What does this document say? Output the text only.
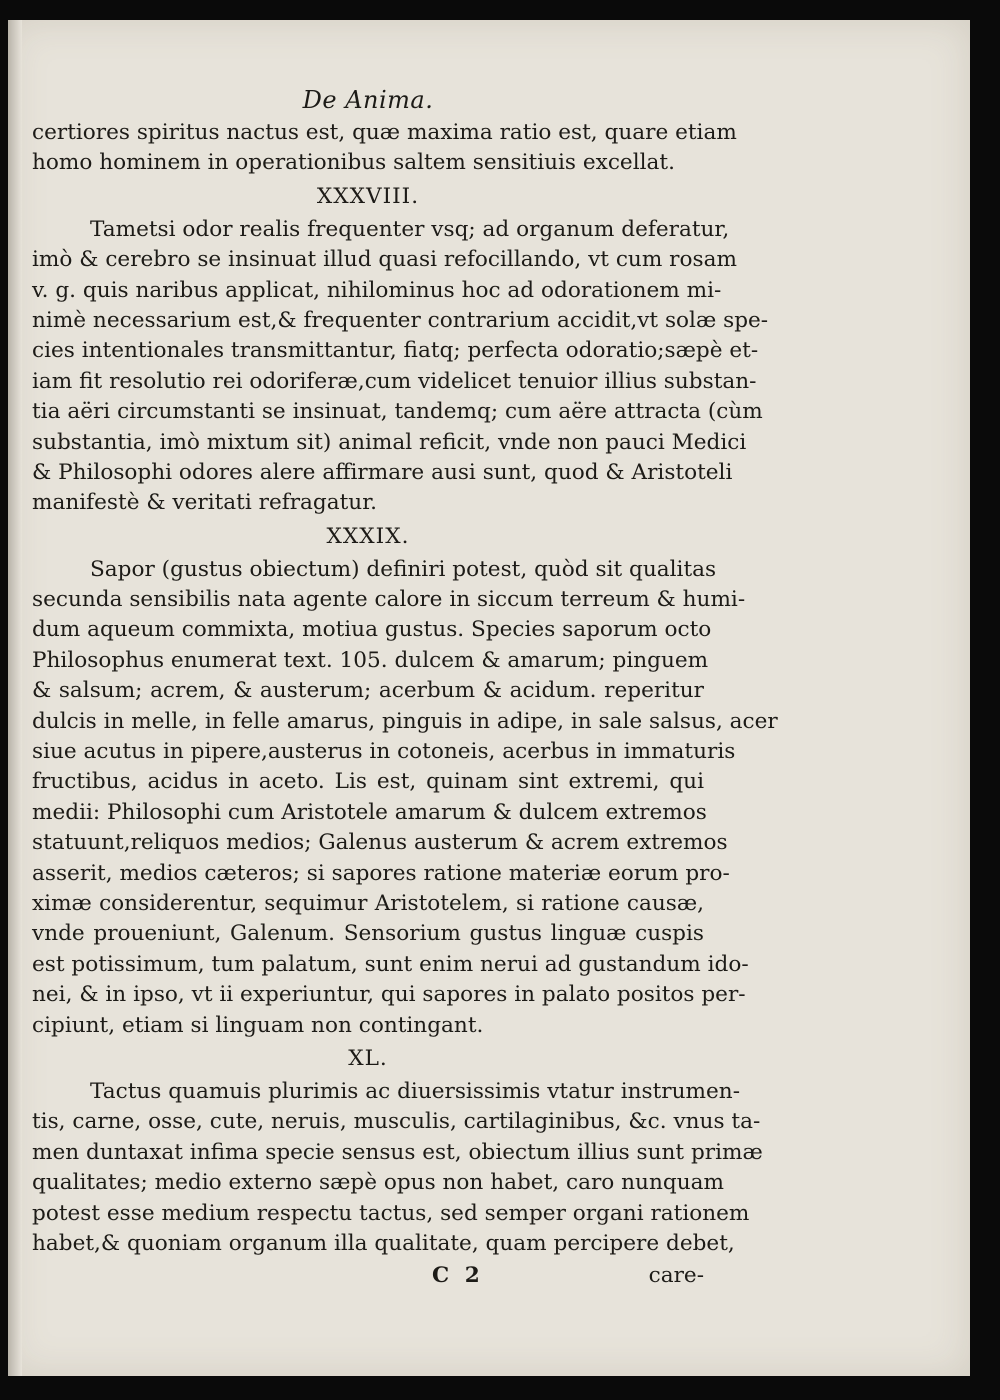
De Anima.
certiores spiritus nactus est, quæ maxima ratio est, quare etiam
homo hominem in operationibus saltem sensitiuis excellat.
XXXVIII.
Tametsi odor realis frequenter vsq; ad organum deferatur,
imò & cerebro se insinuat illud quasi refocillando, vt cum rosam
v. g. quis naribus applicat, nihilominus hoc ad odorationem mi-
nimè necessarium est,& frequenter contrarium accidit,vt solæ spe-
cies intentionales transmittantur, fiatq; perfecta odoratio;sæpè et-
iam fit resolutio rei odoriferæ,cum videlicet tenuior illius substan-
tia aëri circumstanti se insinuat, tandemq; cum aëre attracta (cùm
substantia, imò mixtum sit) animal reficit, vnde non pauci Medici
& Philosophi odores alere affirmare ausi sunt, quod & Aristoteli
manifestè & veritati refragatur.
XXXIX.
Sapor (gustus obiectum) definiri potest, quòd sit qualitas
secunda sensibilis nata agente calore in siccum terreum & humi-
dum aqueum commixta, motiua gustus. Species saporum octo
Philosophus enumerat text. 105. dulcem & amarum; pinguem
& salsum; acrem, & austerum; acerbum & acidum. reperitur
dulcis in melle, in felle amarus, pinguis in adipe, in sale salsus, acer
siue acutus in pipere,austerus in cotoneis, acerbus in immaturis
fructibus, acidus in aceto. Lis est, quinam sint extremi, qui
medii: Philosophi cum Aristotele amarum & dulcem extremos
statuunt,reliquos medios; Galenus austerum & acrem extremos
asserit, medios cæteros; si sapores ratione materiæ eorum pro-
ximæ considerentur, sequimur Aristotelem, si ratione causæ,
vnde proueniunt, Galenum. Sensorium gustus linguæ cuspis
est potissimum, tum palatum, sunt enim nerui ad gustandum ido-
nei, & in ipso, vt ii experiuntur, qui sapores in palato positos per-
cipiunt, etiam si linguam non contingant.
XL.
Tactus quamuis plurimis ac diuersissimis vtatur instrumen-
tis, carne, osse, cute, neruis, musculis, cartilaginibus, &c. vnus ta-
men duntaxat infima specie sensus est, obiectum illius sunt primæ
qualitates; medio externo sæpè opus non habet, caro nunquam
potest esse medium respectu tactus, sed semper organi rationem
habet,& quoniam organum illa qualitate, quam percipere debet,
C 2	care-
